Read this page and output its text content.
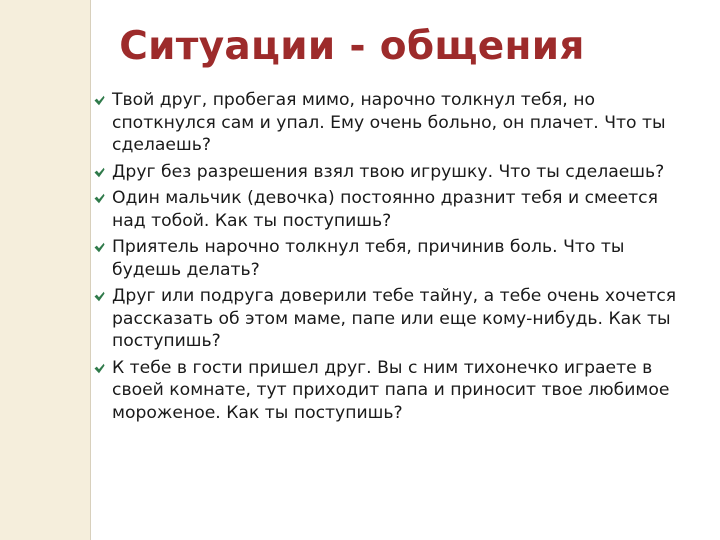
Ситуации - общения
Твой друг, пробегая мимо, нарочно толкнул тебя, но споткнулся сам и упал. Ему очень больно, он плачет. Что ты сделаешь?
Друг без разрешения взял твою игрушку. Что ты сделаешь?
Один мальчик (девочка) постоянно дразнит тебя и смеется над тобой. Как ты поступишь?
Приятель нарочно толкнул тебя, причинив боль. Что ты будешь делать?
Друг или подруга доверили тебе тайну, а тебе очень хочется рассказать об этом маме, папе или еще кому-нибудь. Как ты поступишь?
К тебе в гости пришел друг. Вы с ним тихонечко играете в своей комнате, тут приходит папа и приносит твое любимое мороженое. Как ты поступишь?
